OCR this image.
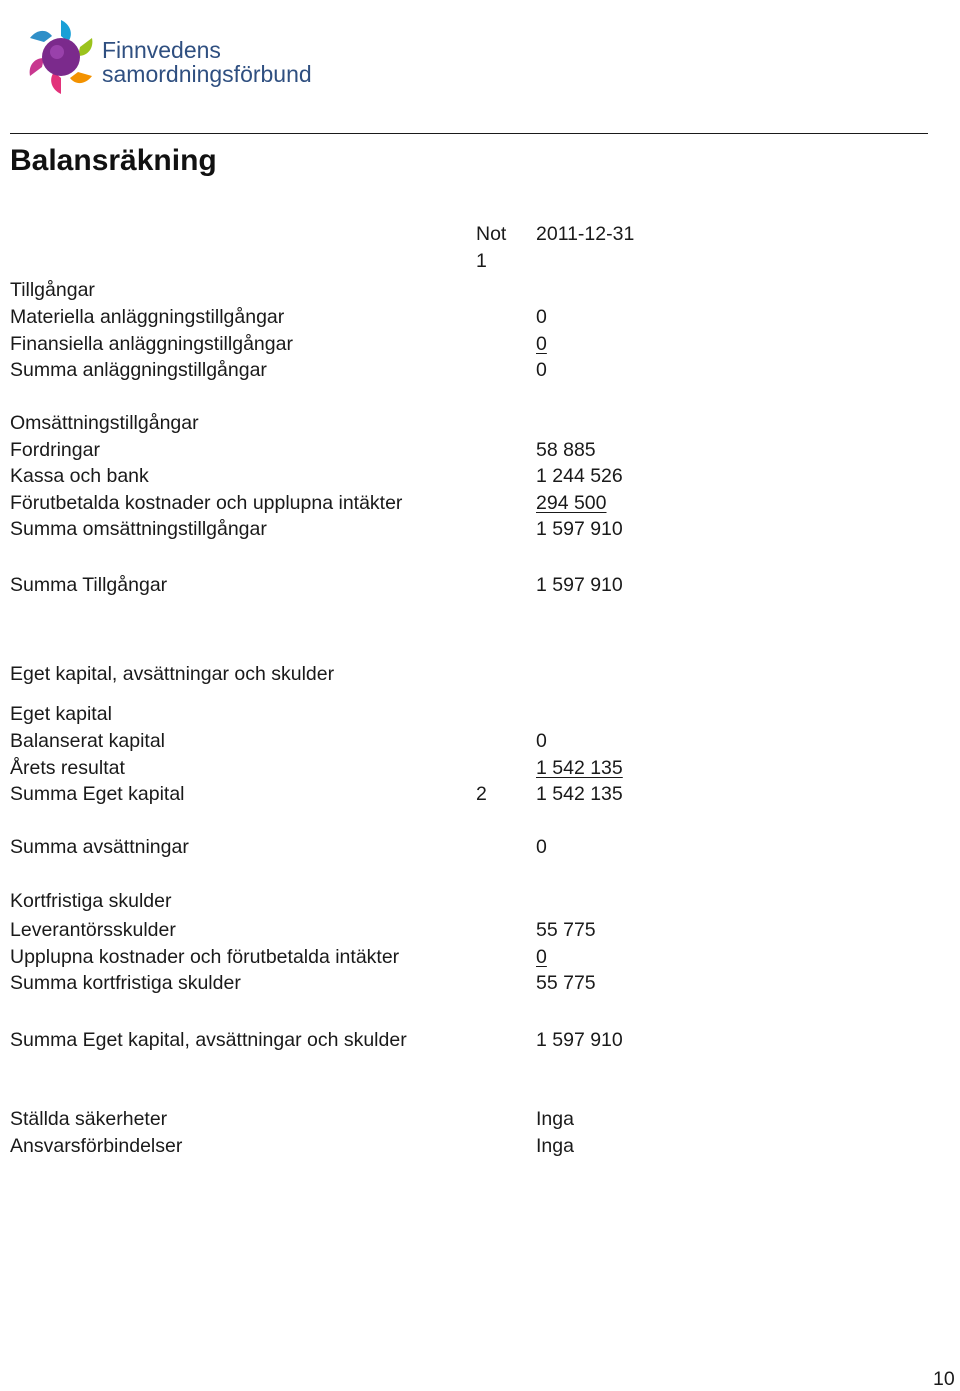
Finnvedens
samordningsförbund
Balansräkning
Not 2011-12-31
1
Tillgångar
Materiella anläggningstillgångar	0
Finansiella anläggningstillgångar	0
Summa anläggningstillgångar	0
Omsättningstillgångar
Fordringar	58 885
Kassa och bank	1 244 526
Förutbetalda kostnader och upplupna intäkter	294 500
Summa omsättningstillgångar	1 597 910
Summa Tillgångar	1 597 910
Eget kapital, avsättningar och skulder
Eget kapital
Balanserat kapital	0
Årets resultat	1 542 135
Summa Eget kapital	2	1 542 135
Summa avsättningar	0
Kortfristiga skulder
Leverantörsskulder	55 775
Upplupna kostnader och förutbetalda intäkter	0
Summa kortfristiga skulder	55 775
Summa Eget kapital, avsättningar och skulder	1 597 910
Ställda säkerheter	Inga
Ansvarsförbindelser	Inga
10
